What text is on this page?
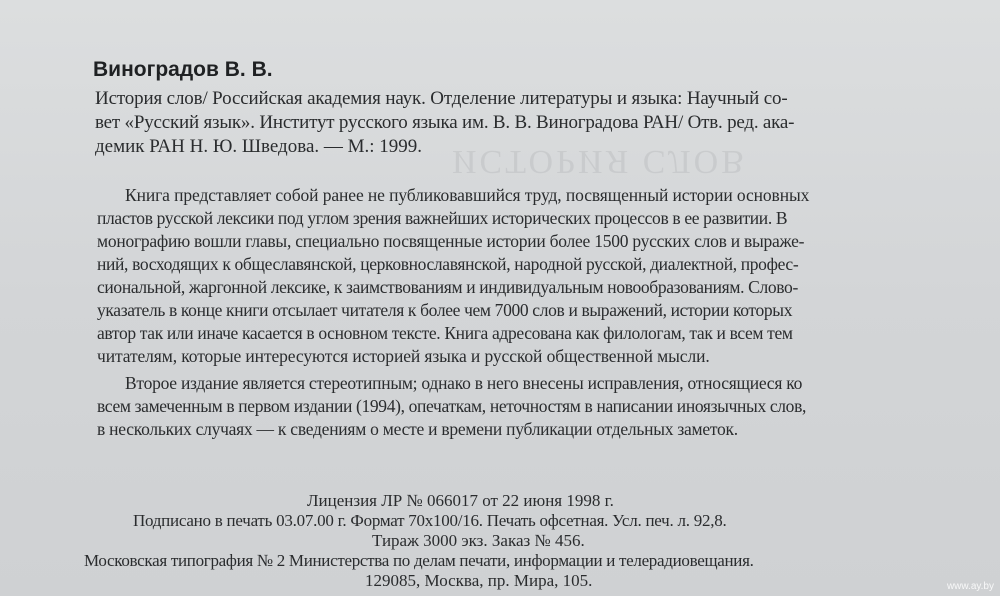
ИСТОРИЯ СЛОВ
Виноградов В. В.
История слов/ Российская академия наук. Отделение литературы и языка: Научный со-
вет «Русский язык». Институт русского языка им. В. В. Виноградова РАН/ Отв. ред. ака-
демик РАН Н. Ю. Шведова. — М.: 1999.
Книга представляет собой ранее не публиковавшийся труд, посвященный истории основных
пластов русской лексики под углом зрения важнейших исторических процессов в ее развитии. В
монографию вошли главы, специально посвященные истории более 1500 русских слов и выраже-
ний, восходящих к общеславянской, церковнославянской, народной русской, диалектной, профес-
сиональной, жаргонной лексике, к заимствованиям и индивидуальным новообразованиям. Слово-
указатель в конце книги отсылает читателя к более чем 7000 слов и выражений, истории которых
автор так или иначе касается в основном тексте. Книга адресована как филологам, так и всем тем
читателям, которые интересуются историей языка и русской общественной мысли.
Второе издание является стереотипным; однако в него внесены исправления, относящиеся ко
всем замеченным в первом издании (1994), опечаткам, неточностям в написании иноязычных слов,
в нескольких случаях — к сведениям о месте и времени публикации отдельных заметок.
Лицензия ЛР № 066017 от 22 июня 1998 г.
Подписано в печать 03.07.00 г. Формат 70х100/16. Печать офсетная. Усл. печ. л. 92,8.
Тираж 3000 экз. Заказ № 456.
Московская типография № 2 Министерства по делам печати, информации и телерадиовещания.
129085, Москва, пр. Мира, 105.	www.ay.by
